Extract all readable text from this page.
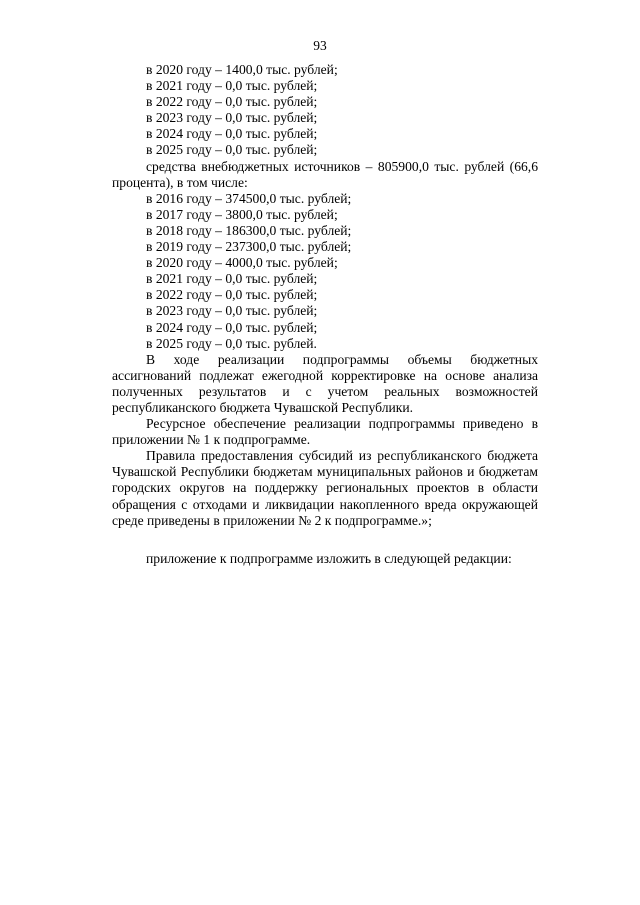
93

в 2020 году – 1400,0 тыс. рублей;

в 2021 году – 0,0 тыс. рублей;

в 2022 году – 0,0 тыс. рублей;

в 2023 году – 0,0 тыс. рублей;

в 2024 году – 0,0 тыс. рублей;

в 2025 году – 0,0 тыс. рублей;

средства внебюджетных источников – 805900,0 тыс. рублей (66,6 процента), в том числе:

в 2016 году – 374500,0 тыс. рублей;

в 2017 году – 3800,0 тыс. рублей;

в 2018 году – 186300,0 тыс. рублей;

в 2019 году – 237300,0 тыс. рублей;

в 2020 году – 4000,0 тыс. рублей;

в 2021 году – 0,0 тыс. рублей;

в 2022 году – 0,0 тыс. рублей;

в 2023 году – 0,0 тыс. рублей;

в 2024 году – 0,0 тыс. рублей;

в 2025 году – 0,0 тыс. рублей.

В ходе реализации подпрограммы объемы бюджетных ассигнований подлежат ежегодной корректировке на основе анализа полученных результатов и с учетом реальных возможностей республиканского бюджета Чувашской Республики.

Ресурсное обеспечение реализации подпрограммы приведено в приложении № 1 к подпрограмме.

Правила предоставления субсидий из республиканского бюджета Чувашской Республики бюджетам муниципальных районов и бюджетам городских округов на поддержку региональных проектов в области обращения с отходами и ликвидации накопленного вреда окружающей среде приведены в приложении № 2 к подпрограмме.»;

приложение к подпрограмме изложить в следующей редакции:
